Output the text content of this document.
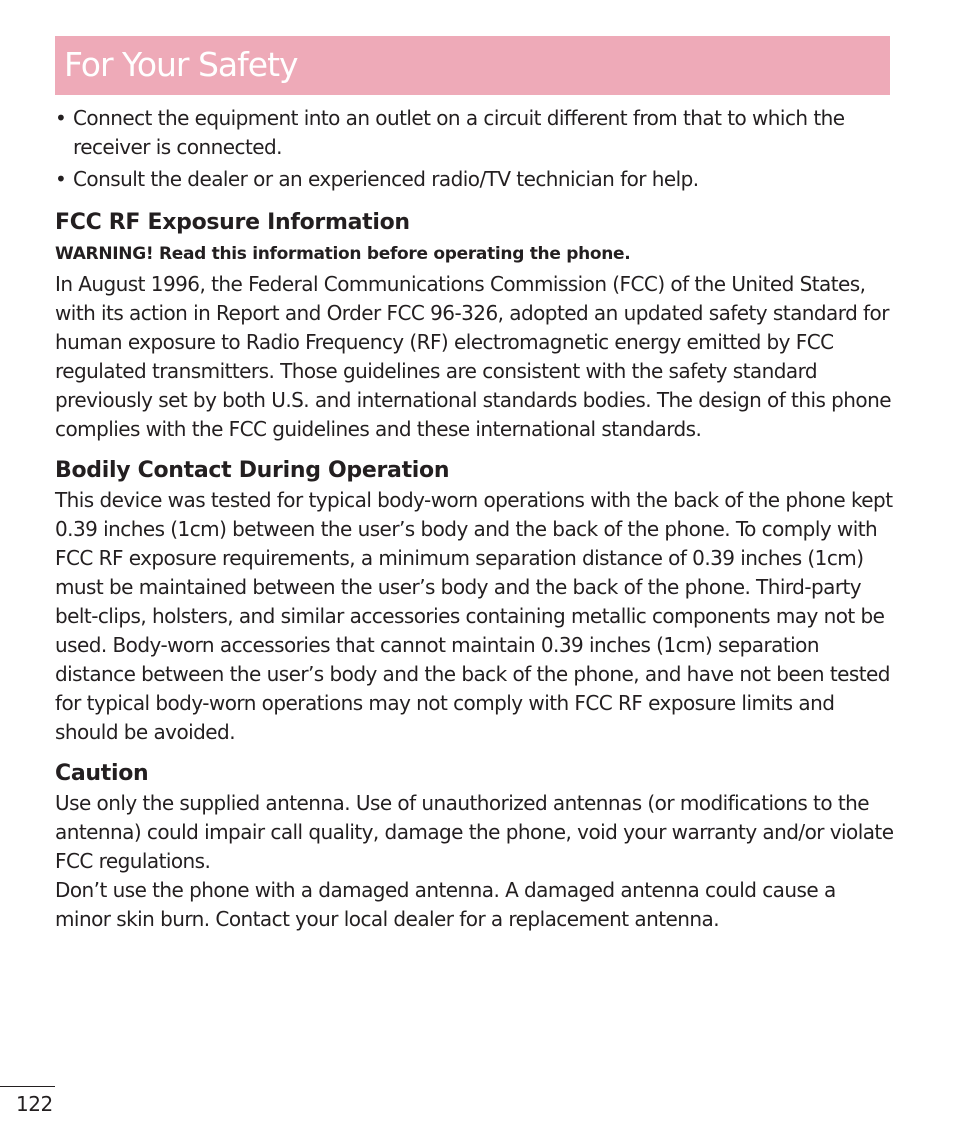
For Your Safety
• Connect the equipment into an outlet on a circuit different from that to which the receiver is connected.
• Consult the dealer or an experienced radio/TV technician for help.
FCC RF Exposure Information
WARNING! Read this information before operating the phone.

In August 1996, the Federal Communications Commission (FCC) of the United States, with its action in Report and Order FCC 96-326, adopted an updated safety standard for human exposure to Radio Frequency (RF) electromagnetic energy emitted by FCC regulated transmitters. Those guidelines are consistent with the safety standard previously set by both U.S. and international standards bodies. The design of this phone complies with the FCC guidelines and these international standards.

Bodily Contact During Operation

This device was tested for typical body-worn operations with the back of the phone kept 0.39 inches (1cm) between the user’s body and the back of the phone. To comply with FCC RF exposure requirements, a minimum separation distance of 0.39 inches (1cm) must be maintained between the user’s body and the back of the phone. Third-party belt-clips, holsters, and similar accessories containing metallic components may not be used. Body-worn accessories that cannot maintain 0.39 inches (1cm) separation distance between the user’s body and the back of the phone, and have not been tested for typical body-worn operations may not comply with FCC RF exposure limits and should be avoided.

Caution

Use only the supplied antenna. Use of unauthorized antennas (or modifications to the antenna) could impair call quality, damage the phone, void your warranty and/or violate FCC regulations.

Don’t use the phone with a damaged antenna. A damaged antenna could cause a minor skin burn. Contact your local dealer for a replacement antenna.

122
